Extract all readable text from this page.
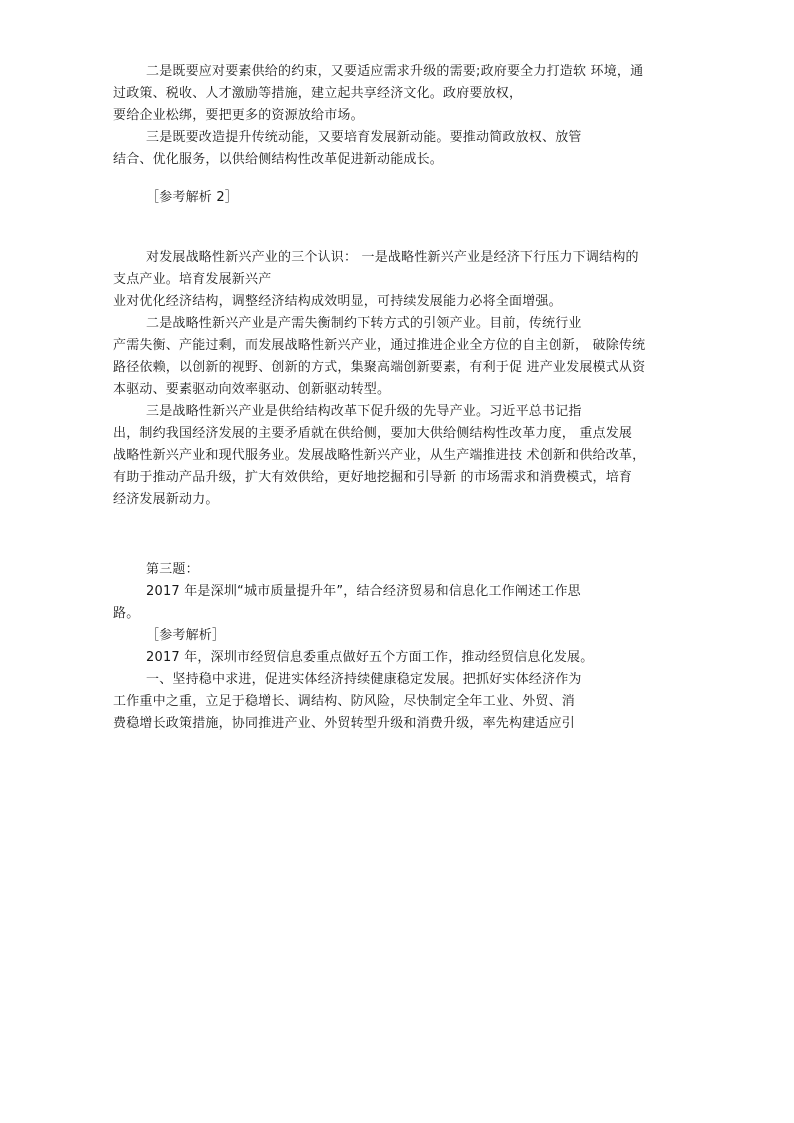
二是既要应对要素供给的约束，又要适应需求升级的需要;政府要全力打造软 环境，通
过政策、税收、人才激励等措施，建立起共享经济文化。政府要放权，
要给企业松绑，要把更多的资源放给市场。
三是既要改造提升传统动能，又要培育发展新动能。要推动简政放权、放管
结合、优化服务，以供给侧结构性改革促进新动能成长。
［参考解析 2］
对发展战略性新兴产业的三个认识： 一是战略性新兴产业是经济下行压力下调结构的
支点产业。培育发展新兴产
业对优化经济结构，调整经济结构成效明显，可持续发展能力必将全面增强。
二是战略性新兴产业是产需失衡制约下转方式的引领产业。目前，传统行业
产需失衡、产能过剩，而发展战略性新兴产业，通过推进企业全方位的自主创新， 破除传统
路径依赖，以创新的视野、创新的方式，集聚高端创新要素，有利于促 进产业发展模式从资
本驱动、要素驱动向效率驱动、创新驱动转型。
三是战略性新兴产业是供给结构改革下促升级的先导产业。习近平总书记指
出，制约我国经济发展的主要矛盾就在供给侧，要加大供给侧结构性改革力度， 重点发展
战略性新兴产业和现代服务业。发展战略性新兴产业，从生产端推进技 术创新和供给改革，
有助于推动产品升级，扩大有效供给，更好地挖掘和引导新 的市场需求和消费模式，培育
经济发展新动力。
第三题：
2017 年是深圳“城市质量提升年”，结合经济贸易和信息化工作阐述工作思
路。
［参考解析］
2017 年，深圳市经贸信息委重点做好五个方面工作，推动经贸信息化发展。
一、坚持稳中求进，促进实体经济持续健康稳定发展。把抓好实体经济作为
工作重中之重，立足于稳增长、调结构、防风险，尽快制定全年工业、外贸、消
费稳增长政策措施，协同推进产业、外贸转型升级和消费升级，率先构建适应引
